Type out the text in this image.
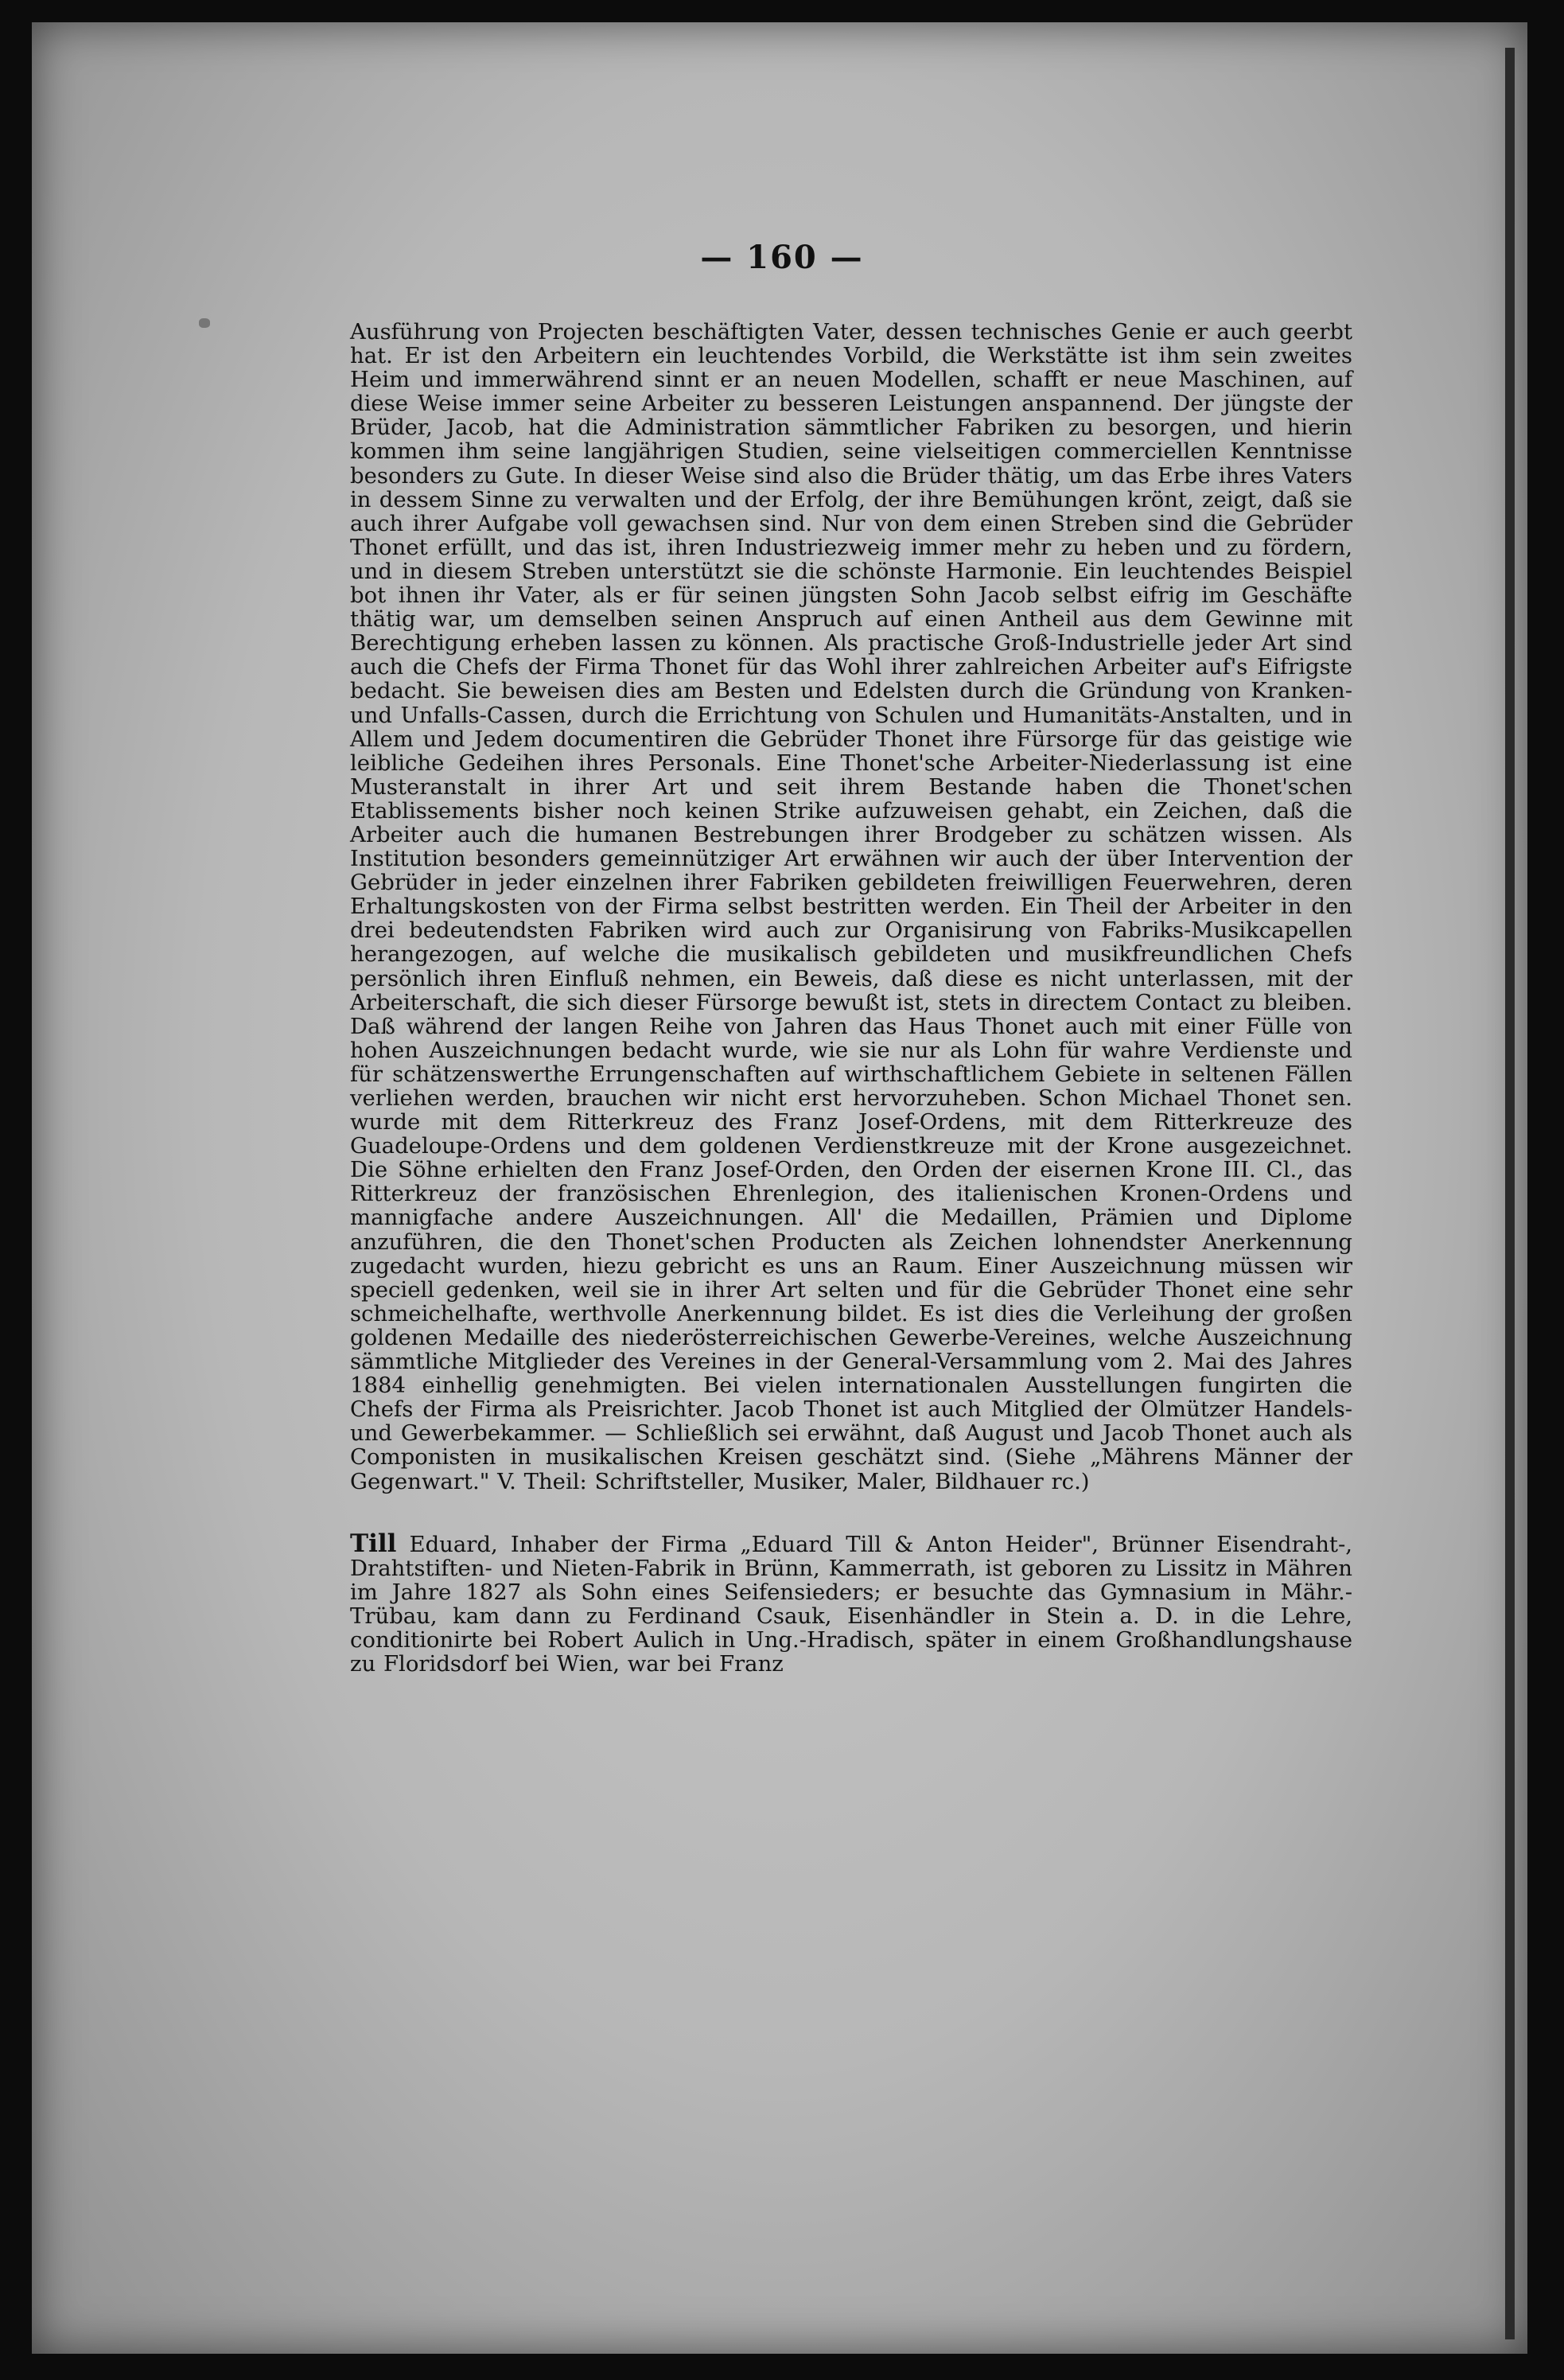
— 160 —

Ausführung von Projecten beschäftigten Vater, dessen technisches Genie er auch geerbt hat. Er ist den Arbeitern ein leuchtendes Vorbild, die Werkstätte ist ihm sein zweites Heim und immerwährend sinnt er an neuen Modellen, schafft er neue Maschinen, auf diese Weise immer seine Arbeiter zu besseren Leistungen anspannend. Der jüngste der Brüder, Jacob, hat die Administration sämmtlicher Fabriken zu besorgen, und hierin kommen ihm seine langjährigen Studien, seine vielseitigen commerciellen Kenntnisse besonders zu Gute. In dieser Weise sind also die Brüder thätig, um das Erbe ihres Vaters in dessem Sinne zu verwalten und der Erfolg, der ihre Bemühungen krönt, zeigt, daß sie auch ihrer Aufgabe voll gewachsen sind. Nur von dem einen Streben sind die Gebrüder Thonet erfüllt, und das ist, ihren Industriezweig immer mehr zu heben und zu fördern, und in diesem Streben unterstützt sie die schönste Harmonie. Ein leuchtendes Beispiel bot ihnen ihr Vater, als er für seinen jüngsten Sohn Jacob selbst eifrig im Geschäfte thätig war, um demselben seinen Anspruch auf einen Antheil aus dem Gewinne mit Berechtigung erheben lassen zu können. Als practische Groß-Industrielle jeder Art sind auch die Chefs der Firma Thonet für das Wohl ihrer zahlreichen Arbeiter auf's Eifrigste bedacht. Sie beweisen dies am Besten und Edelsten durch die Gründung von Kranken- und Unfalls-Cassen, durch die Errichtung von Schulen und Humanitäts-Anstalten, und in Allem und Jedem documentiren die Gebrüder Thonet ihre Fürsorge für das geistige wie leibliche Gedeihen ihres Personals. Eine Thonet'sche Arbeiter-Niederlassung ist eine Musteranstalt in ihrer Art und seit ihrem Bestande haben die Thonet'schen Etablissements bisher noch keinen Strike aufzuweisen gehabt, ein Zeichen, daß die Arbeiter auch die humanen Bestrebungen ihrer Brodgeber zu schätzen wissen. Als Institution besonders gemeinnütziger Art erwähnen wir auch der über Intervention der Gebrüder in jeder einzelnen ihrer Fabriken gebildeten freiwilligen Feuerwehren, deren Erhaltungskosten von der Firma selbst bestritten werden. Ein Theil der Arbeiter in den drei bedeutendsten Fabriken wird auch zur Organisirung von Fabriks-Musikcapellen herangezogen, auf welche die musikalisch gebildeten und musikfreundlichen Chefs persönlich ihren Einfluß nehmen, ein Beweis, daß diese es nicht unterlassen, mit der Arbeiterschaft, die sich dieser Fürsorge bewußt ist, stets in directem Contact zu bleiben. Daß während der langen Reihe von Jahren das Haus Thonet auch mit einer Fülle von hohen Auszeichnungen bedacht wurde, wie sie nur als Lohn für wahre Verdienste und für schätzenswerthe Errungenschaften auf wirthschaftlichem Gebiete in seltenen Fällen verliehen werden, brauchen wir nicht erst hervorzuheben. Schon Michael Thonet sen. wurde mit dem Ritterkreuz des Franz Josef-Ordens, mit dem Ritterkreuze des Guadeloupe-Ordens und dem goldenen Verdienstkreuze mit der Krone ausgezeichnet. Die Söhne erhielten den Franz Josef-Orden, den Orden der eisernen Krone III. Cl., das Ritterkreuz der französischen Ehrenlegion, des italienischen Kronen-Ordens und mannigfache andere Auszeichnungen. All' die Medaillen, Prämien und Diplome anzuführen, die den Thonet'schen Producten als Zeichen lohnendster Anerkennung zugedacht wurden, hiezu gebricht es uns an Raum. Einer Auszeichnung müssen wir speciell gedenken, weil sie in ihrer Art selten und für die Gebrüder Thonet eine sehr schmeichelhafte, werthvolle Anerkennung bildet. Es ist dies die Verleihung der großen goldenen Medaille des niederösterreichischen Gewerbe-Vereines, welche Auszeichnung sämmtliche Mitglieder des Vereines in der General-Versammlung vom 2. Mai des Jahres 1884 einhellig genehmigten. Bei vielen internationalen Ausstellungen fungirten die Chefs der Firma als Preisrichter. Jacob Thonet ist auch Mitglied der Olmützer Handels- und Gewerbekammer. — Schließlich sei erwähnt, daß August und Jacob Thonet auch als Componisten in musikalischen Kreisen geschätzt sind. (Siehe „Mährens Männer der Gegenwart." V. Theil: Schriftsteller, Musiker, Maler, Bildhauer rc.)

Till Eduard, Inhaber der Firma „Eduard Till & Anton Heider", Brünner Eisendraht-, Drahtstiften- und Nieten-Fabrik in Brünn, Kammerrath, ist geboren zu Lissitz in Mähren im Jahre 1827 als Sohn eines Seifensieders; er besuchte das Gymnasium in Mähr.-Trübau, kam dann zu Ferdinand Csauk, Eisenhändler in Stein a. D. in die Lehre, conditionirte bei Robert Aulich in Ung.-Hradisch, später in einem Großhandlungshause zu Floridsdorf bei Wien, war bei Franz
